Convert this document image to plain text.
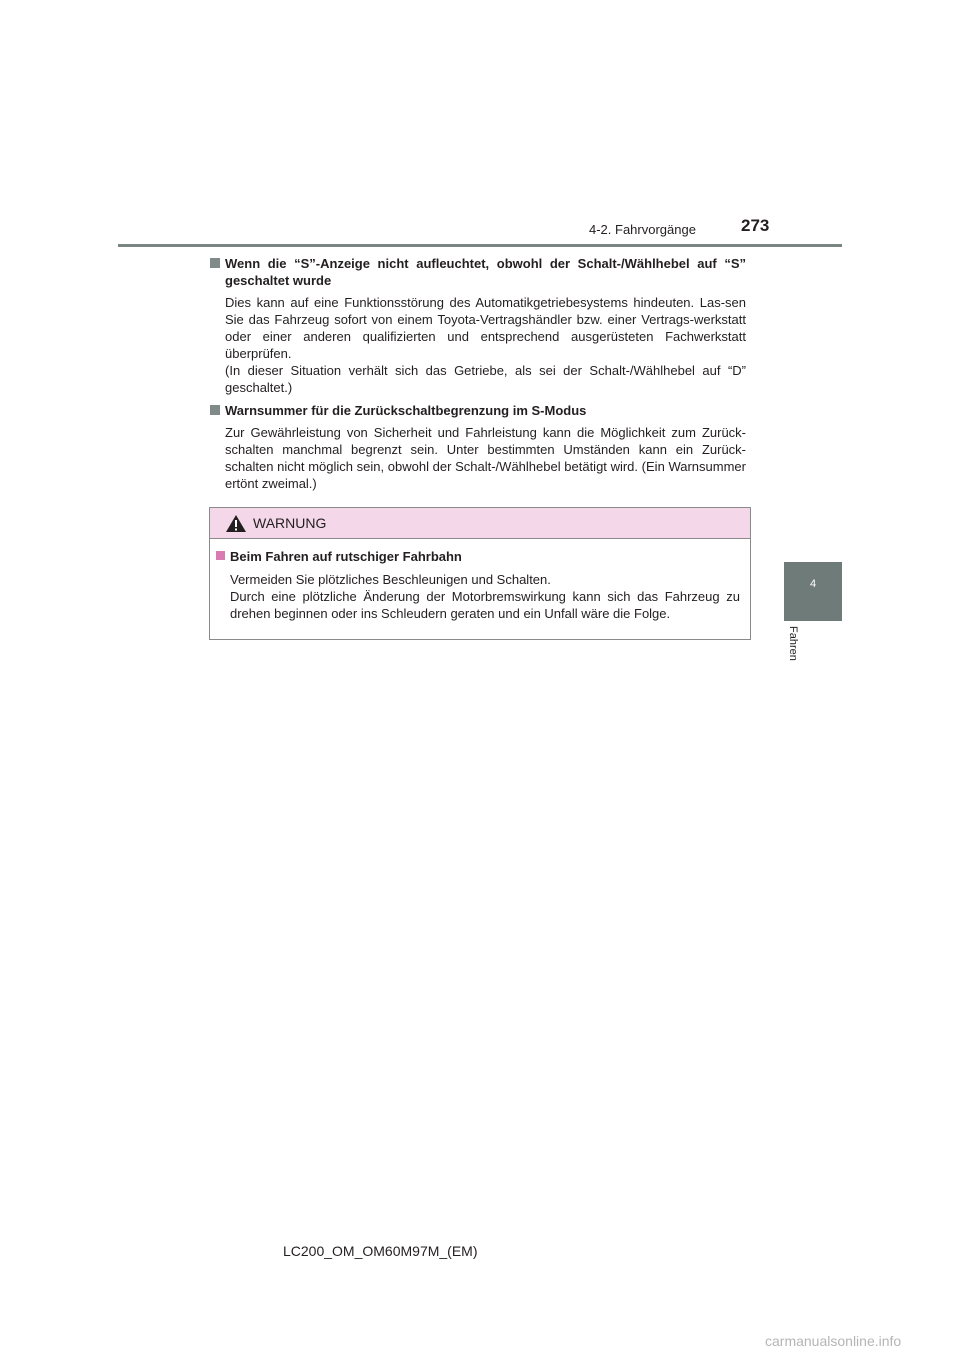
4-2. Fahrvorgänge	273
4
Fahren
Wenn die “S”-Anzeige nicht aufleuchtet, obwohl der Schalt-/Wählhebel auf “S” geschaltet wurde

Dies kann auf eine Funktionsstörung des Automatikgetriebesystems hindeuten. Las-sen Sie das Fahrzeug sofort von einem Toyota-Vertragshändler bzw. einer Vertrags-werkstatt oder einer anderen qualifizierten und entsprechend ausgerüsteten Fachwerkstatt überprüfen.

(In dieser Situation verhält sich das Getriebe, als sei der Schalt-/Wählhebel auf “D” geschaltet.)

Warnsummer für die Zurückschaltbegrenzung im S-Modus

Zur Gewährleistung von Sicherheit und Fahrleistung kann die Möglichkeit zum Zurück-schalten manchmal begrenzt sein. Unter bestimmten Umständen kann ein Zurück-schalten nicht möglich sein, obwohl der Schalt-/Wählhebel betätigt wird. (Ein Warnsummer ertönt zweimal.)

WARNUNG
Beim Fahren auf rutschiger Fahrbahn

Vermeiden Sie plötzliches Beschleunigen und Schalten.

Durch eine plötzliche Änderung der Motorbremswirkung kann sich das Fahrzeug zu drehen beginnen oder ins Schleudern geraten und ein Unfall wäre die Folge.

LC200_OM_OM60M97M_(EM)
carmanualsonline.info
